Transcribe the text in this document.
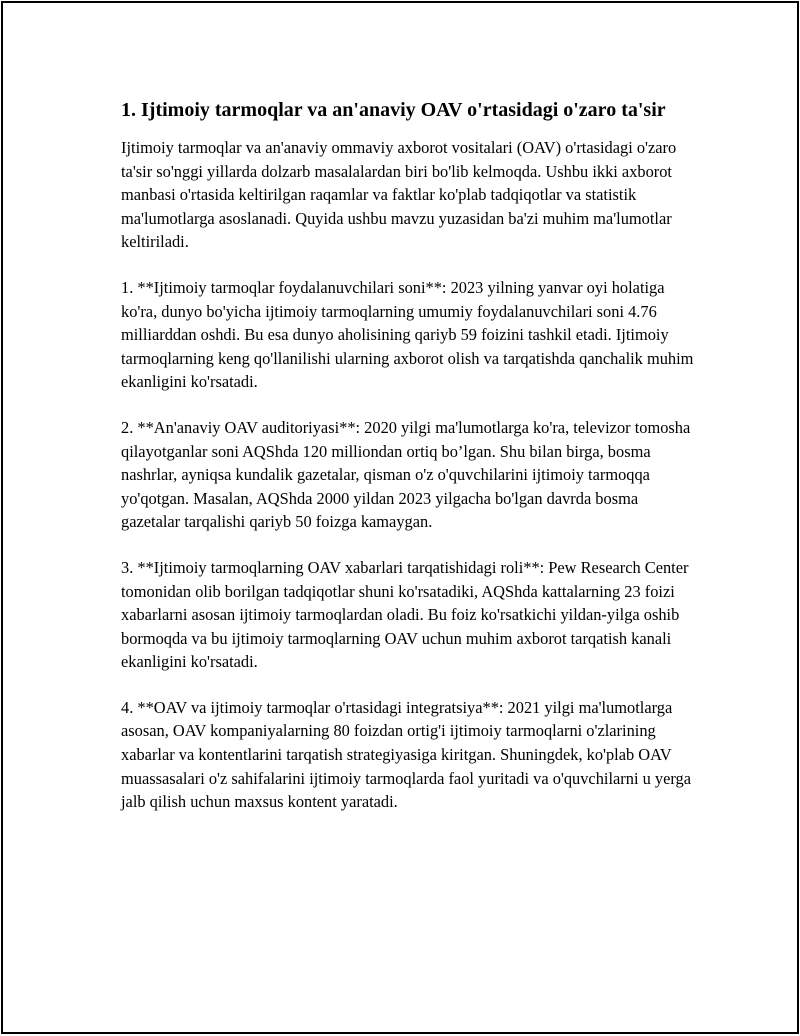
1. Ijtimoiy tarmoqlar va an'anaviy OAV o'rtasidagi o'zaro ta'sir

Ijtimoiy tarmoqlar va an'anaviy ommaviy axborot vositalari (OAV) o'rtasidagi o'zaro ta'sir so'nggi yillarda dolzarb masalalardan biri bo'lib kelmoqda. Ushbu ikki axborot manbasi o'rtasida keltirilgan raqamlar va faktlar ko'plab tadqiqotlar va statistik ma'lumotlarga asoslanadi. Quyida ushbu mavzu yuzasidan ba'zi muhim ma'lumotlar keltiriladi.

1. **Ijtimoiy tarmoqlar foydalanuvchilari soni**: 2023 yilning yanvar oyi holatiga ko'ra, dunyo bo'yicha ijtimoiy tarmoqlarning umumiy foydalanuvchilari soni 4.76 milliarddan oshdi. Bu esa dunyo aholisining qariyb 59 foizini tashkil etadi. Ijtimoiy tarmoqlarning keng qo'llanilishi ularning axborot olish va tarqatishda qanchalik muhim ekanligini ko'rsatadi.

2. **An'anaviy OAV auditoriyasi**: 2020 yilgi ma'lumotlarga ko'ra, televizor tomosha qilayotganlar soni AQShda 120 milliondan ortiq bo’lgan. Shu bilan birga, bosma nashrlar, ayniqsa kundalik gazetalar, qisman o'z o'quvchilarini ijtimoiy tarmoqqa yo'qotgan. Masalan, AQShda 2000 yildan 2023 yilgacha bo'lgan davrda bosma gazetalar tarqalishi qariyb 50 foizga kamaygan.

3. **Ijtimoiy tarmoqlarning OAV xabarlari tarqatishidagi roli**: Pew Research Center tomonidan olib borilgan tadqiqotlar shuni ko'rsatadiki, AQShda kattalarning 23 foizi xabarlarni asosan ijtimoiy tarmoqlardan oladi. Bu foiz ko'rsatkichi yildan-yilga oshib bormoqda va bu ijtimoiy tarmoqlarning OAV uchun muhim axborot tarqatish kanali ekanligini ko'rsatadi.

4. **OAV va ijtimoiy tarmoqlar o'rtasidagi integratsiya**: 2021 yilgi ma'lumotlarga asosan, OAV kompaniyalarning 80 foizdan ortig'i ijtimoiy tarmoqlarni o'zlarining xabarlar va kontentlarini tarqatish strategiyasiga kiritgan. Shuningdek, ko'plab OAV muassasalari o'z sahifalarini ijtimoiy tarmoqlarda faol yuritadi va o'quvchilarni u yerga jalb qilish uchun maxsus kontent yaratadi.
